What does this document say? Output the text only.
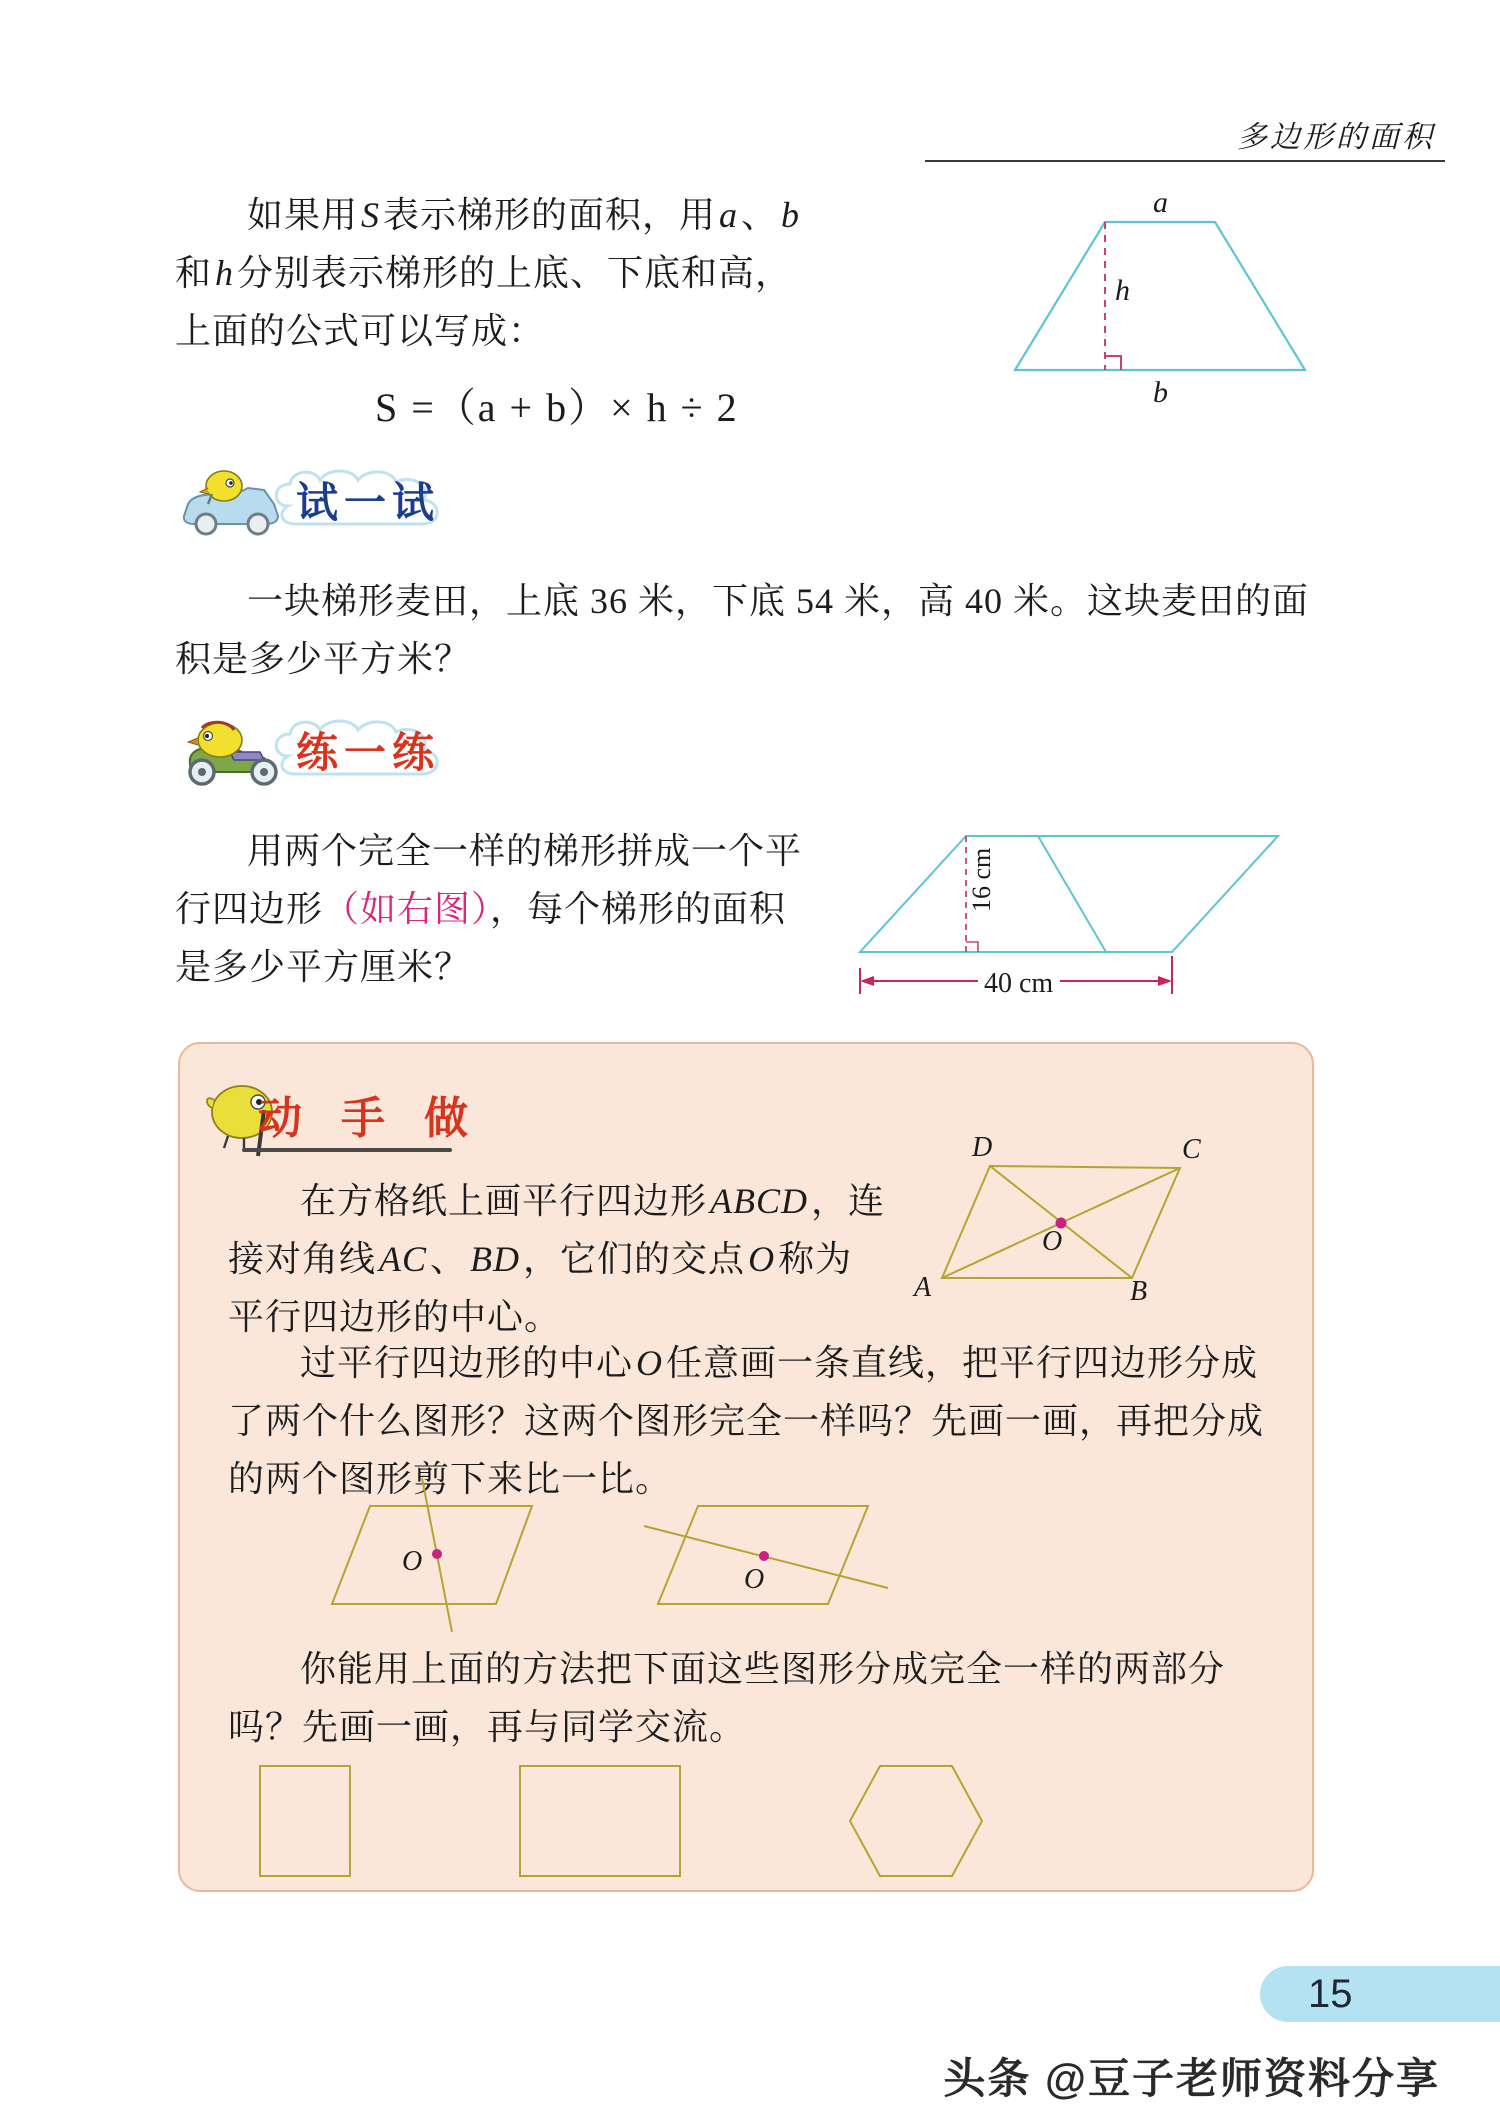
多边形的面积
如果用S表示梯形的面积，用a、b和h分别表示梯形的上底、下底和高，上面的公式可以写成：
S =（a + b）× h ÷ 2
a
h
b
试一试
一块梯形麦田，上底 36 米，下底 54 米，高 40 米。这块麦田的面积是多少平方米？
练一练
用两个完全一样的梯形拼成一个平行四边形（如右图），每个梯形的面积是多少平方厘米？
16 cm
40 cm
动 手 做
在方格纸上画平行四边形ABCD，连接对角线AC、BD，它们的交点O称为平行四边形的中心。
D	C
A	B
O
过平行四边形的中心O任意画一条直线，把平行四边形分成了两个什么图形？这两个图形完全一样吗？先画一画，再把分成的两个图形剪下来比一比。
O
O
你能用上面的方法把下面这些图形分成完全一样的两部分吗？先画一画，再与同学交流。
15
头条 @豆子老师资料分享
